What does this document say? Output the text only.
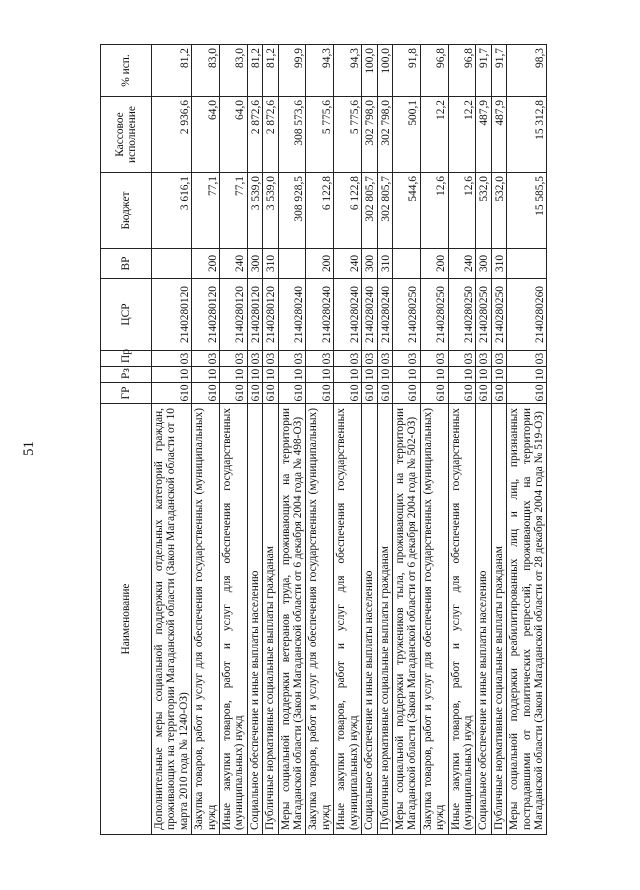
51
Наименование	ГР	Рз	Пр	ЦСР	ВР	Бюджет	Кассовое исполнение	% исп.
Дополнительные меры социальной поддержки отдельных категорий граждан, проживающих на территории Магаданской области (Закон Магаданской области от 10 марта 2010 года № 1240-ОЗ)	610	10	03	2140280120		3 616,1	2 936,6	81,2
Закупка товаров, работ и услуг для обеспечения государственных (муниципальных) нужд	610	10	03	2140280120	200	77,1	64,0	83,0
Иные закупки товаров, работ и услуг для обеспечения государственных (муниципальных) нужд	610	10	03	2140280120	240	77,1	64,0	83,0
Социальное обеспечение и иные выплаты населению	610	10	03	2140280120	300	3 539,0	2 872,6	81,2
Публичные нормативные социальные выплаты гражданам	610	10	03	2140280120	310	3 539,0	2 872,6	81,2
Меры социальной поддержки ветеранов труда, проживающих на территории Магаданской области (Закон Магаданской области от 6 декабря 2004 года № 498-ОЗ)	610	10	03	2140280240		308 928,5	308 573,6	99,9
Закупка товаров, работ и услуг для обеспечения государственных (муниципальных) нужд	610	10	03	2140280240	200	6 122,8	5 775,6	94,3
Иные закупки товаров, работ и услуг для обеспечения государственных (муниципальных) нужд	610	10	03	2140280240	240	6 122,8	5 775,6	94,3
Социальное обеспечение и иные выплаты населению	610	10	03	2140280240	300	302 805,7	302 798,0	100,0
Публичные нормативные социальные выплаты гражданам	610	10	03	2140280240	310	302 805,7	302 798,0	100,0
Меры социальной поддержки тружеников тыла, проживающих на территории Магаданской области (Закон Магаданской области от 6 декабря 2004 года № 502-ОЗ)	610	10	03	2140280250		544,6	500,1	91,8
Закупка товаров, работ и услуг для обеспечения государственных (муниципальных) нужд	610	10	03	2140280250	200	12,6	12,2	96,8
Иные закупки товаров, работ и услуг для обеспечения государственных (муниципальных) нужд	610	10	03	2140280250	240	12,6	12,2	96,8
Социальное обеспечение и иные выплаты населению	610	10	03	2140280250	300	532,0	487,9	91,7
Публичные нормативные социальные выплаты гражданам	610	10	03	2140280250	310	532,0	487,9	91,7
Меры социальной поддержки реабилитированных лиц и лиц, признанных пострадавшими от политических репрессий, проживающих на территории Магаданской области (Закон Магаданской области от 28 декабря 2004 года № 519-ОЗ)	610	10	03	2140280260		15 585,5	15 312,8	98,3
